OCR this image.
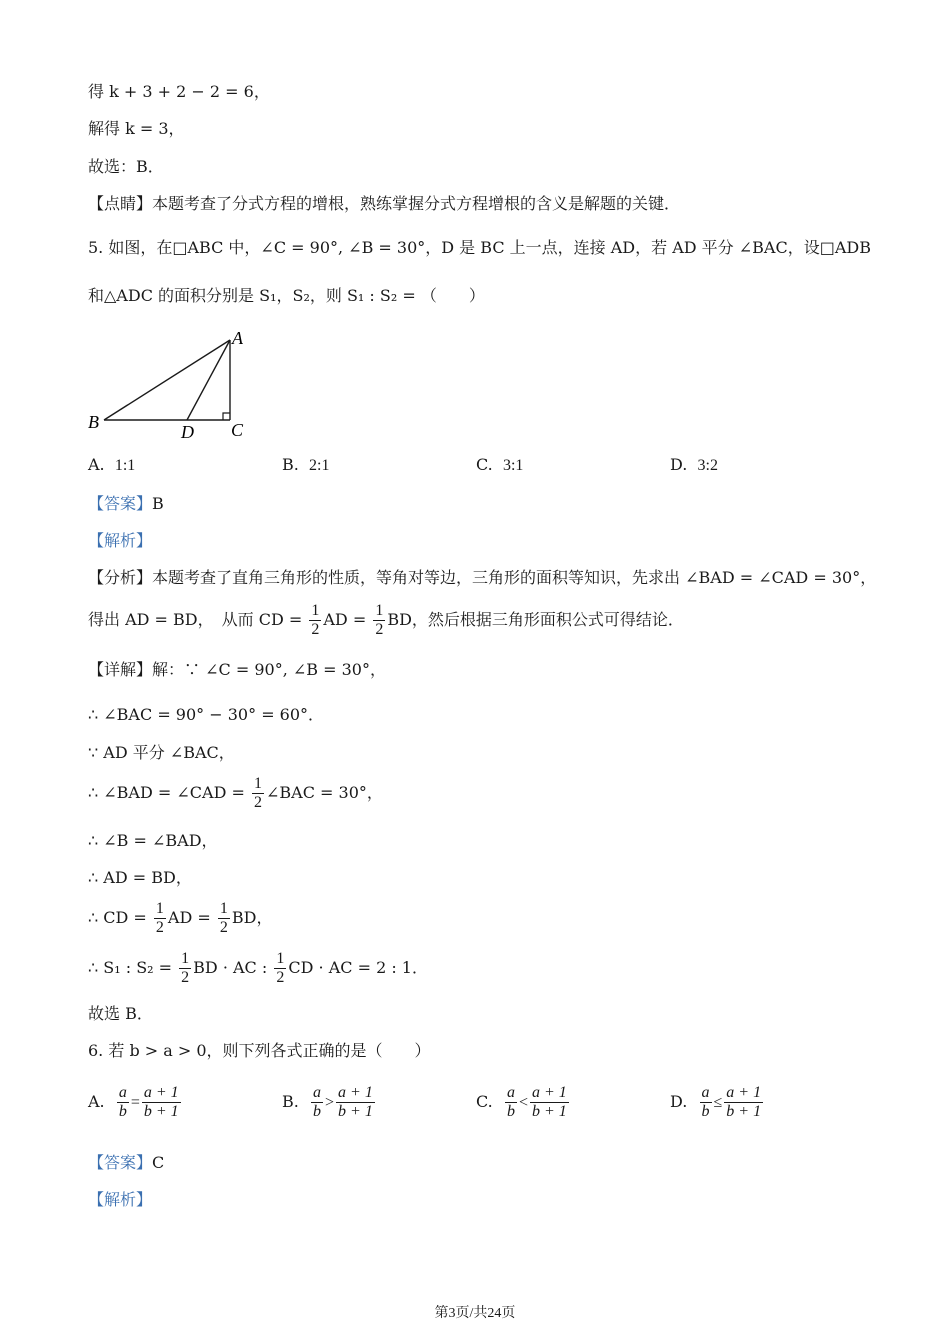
得 k + 3 + 2 − 2 = 6，
解得 k = 3，
故选：B．
【点睛】本题考查了分式方程的增根，熟练掌握分式方程增根的含义是解题的关键．
5. 如图，在□ABC 中，∠C = 90°, ∠B = 30°，D 是 BC 上一点，连接 AD，若 AD 平分 ∠BAC，设□ADB
和△ADC 的面积分别是 S₁，S₂，则 S₁ : S₂ = （　　）
A
B	C
D
A. 1:1	B. 2:1	C. 3:1	D. 3:2
【答案】B
【解析】
【分析】本题考查了直角三角形的性质，等角对等边，三角形的面积等知识，先求出 ∠BAD = ∠CAD = 30°，
得出 AD = BD，　从而 CD = $\frac{1}{2}$ AD = $\frac{1}{2}$ BD，然后根据三角形面积公式可得结论．
【详解】解：∵ ∠C = 90°, ∠B = 30°，
∴ ∠BAC = 90° − 30° = 60°．
∵ AD 平分 ∠BAC，
∴ ∠BAD = ∠CAD = $\frac{1}{2}$ ∠BAC = 30°，
∴ ∠B = ∠BAD，
∴ AD = BD，
∴ CD = $\frac{1}{2}$ AD = $\frac{1}{2}$ BD，
∴ S₁ : $S_2 = \frac{1}{2}$ BD · AC : $\frac{1}{2}$ CD · AC = 2 : 1．
故选 B．
6. 若 b > a > 0，则下列各式正确的是（　　）
A. $\frac{a}{b} = \frac{a + 1}{b + 1}$	B. $\frac{a}{b} > \frac{a + 1}{b + 1}$	C. $\frac{a}{b} < \frac{a + 1}{b + 1}$	D. $\frac{a}{b} \le \frac{a + 1}{b + 1}$
【答案】C
【解析】
第3页/共24页
